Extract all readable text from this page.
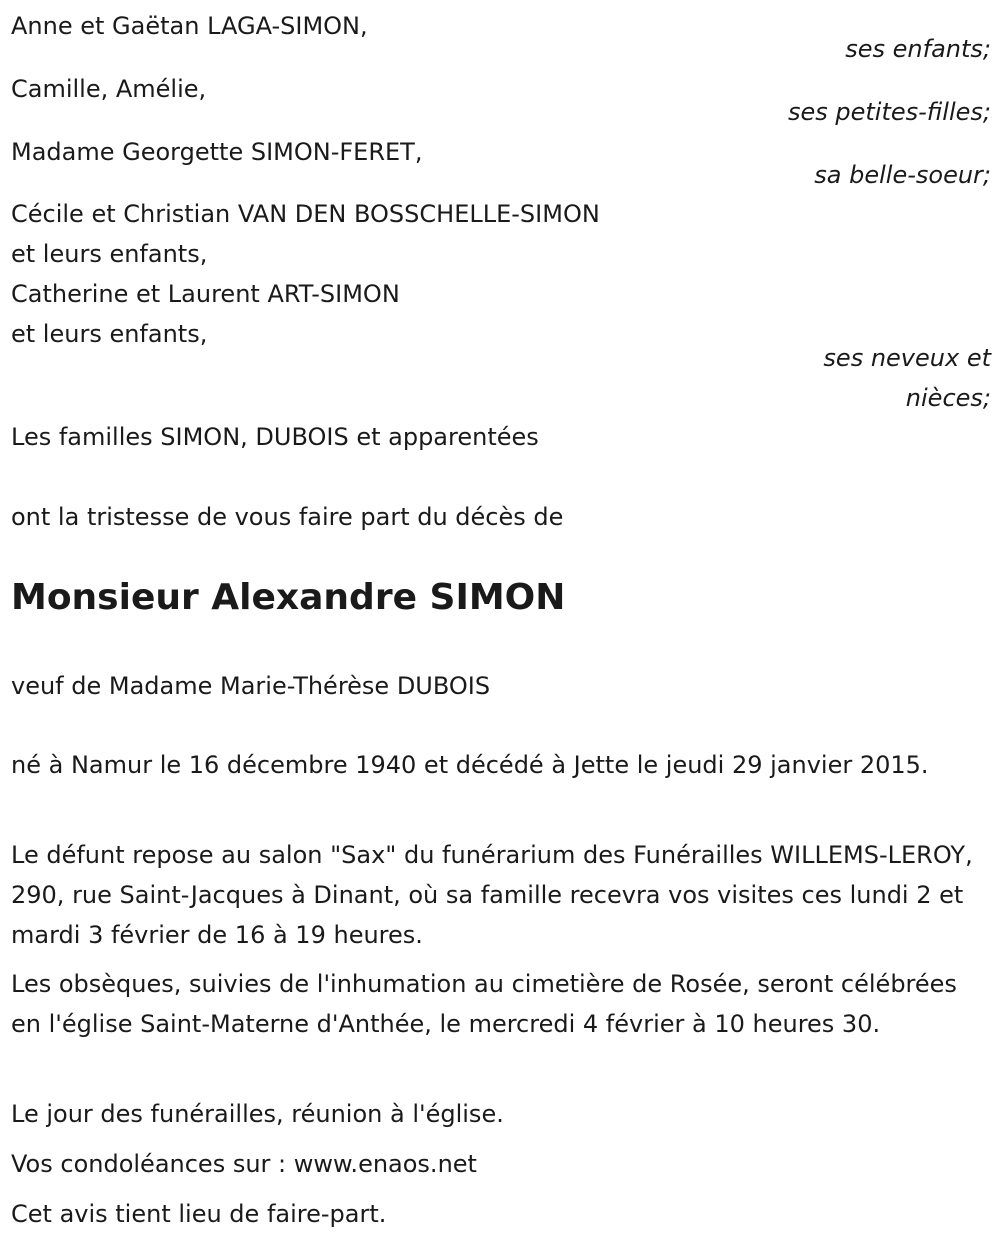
Anne et Gaëtan LAGA-SIMON,
ses enfants;
Camille, Amélie,
ses petites-filles;
Madame Georgette SIMON-FERET,
sa belle-soeur;
Cécile et Christian VAN DEN BOSSCHELLE-SIMON
et leurs enfants,
Catherine et Laurent ART-SIMON
et leurs enfants,
ses neveux et
nièces;
Les familles SIMON, DUBOIS et apparentées
ont la tristesse de vous faire part du décès de
Monsieur Alexandre SIMON
veuf de Madame Marie-Thérèse DUBOIS
né à Namur le 16 décembre 1940 et décédé à Jette le jeudi 29 janvier 2015.
Le défunt repose au salon "Sax" du funérarium des Funérailles WILLEMS-LEROY, 290, rue Saint-Jacques à Dinant, où sa famille recevra vos visites ces lundi 2 et mardi 3 février de 16 à 19 heures.
Les obsèques, suivies de l'inhumation au cimetière de Rosée, seront célébrées en l'église Saint-Materne d'Anthée, le mercredi 4 février à 10 heures 30.
Le jour des funérailles, réunion à l'église.
Vos condoléances sur : www.enaos.net
Cet avis tient lieu de faire-part.
